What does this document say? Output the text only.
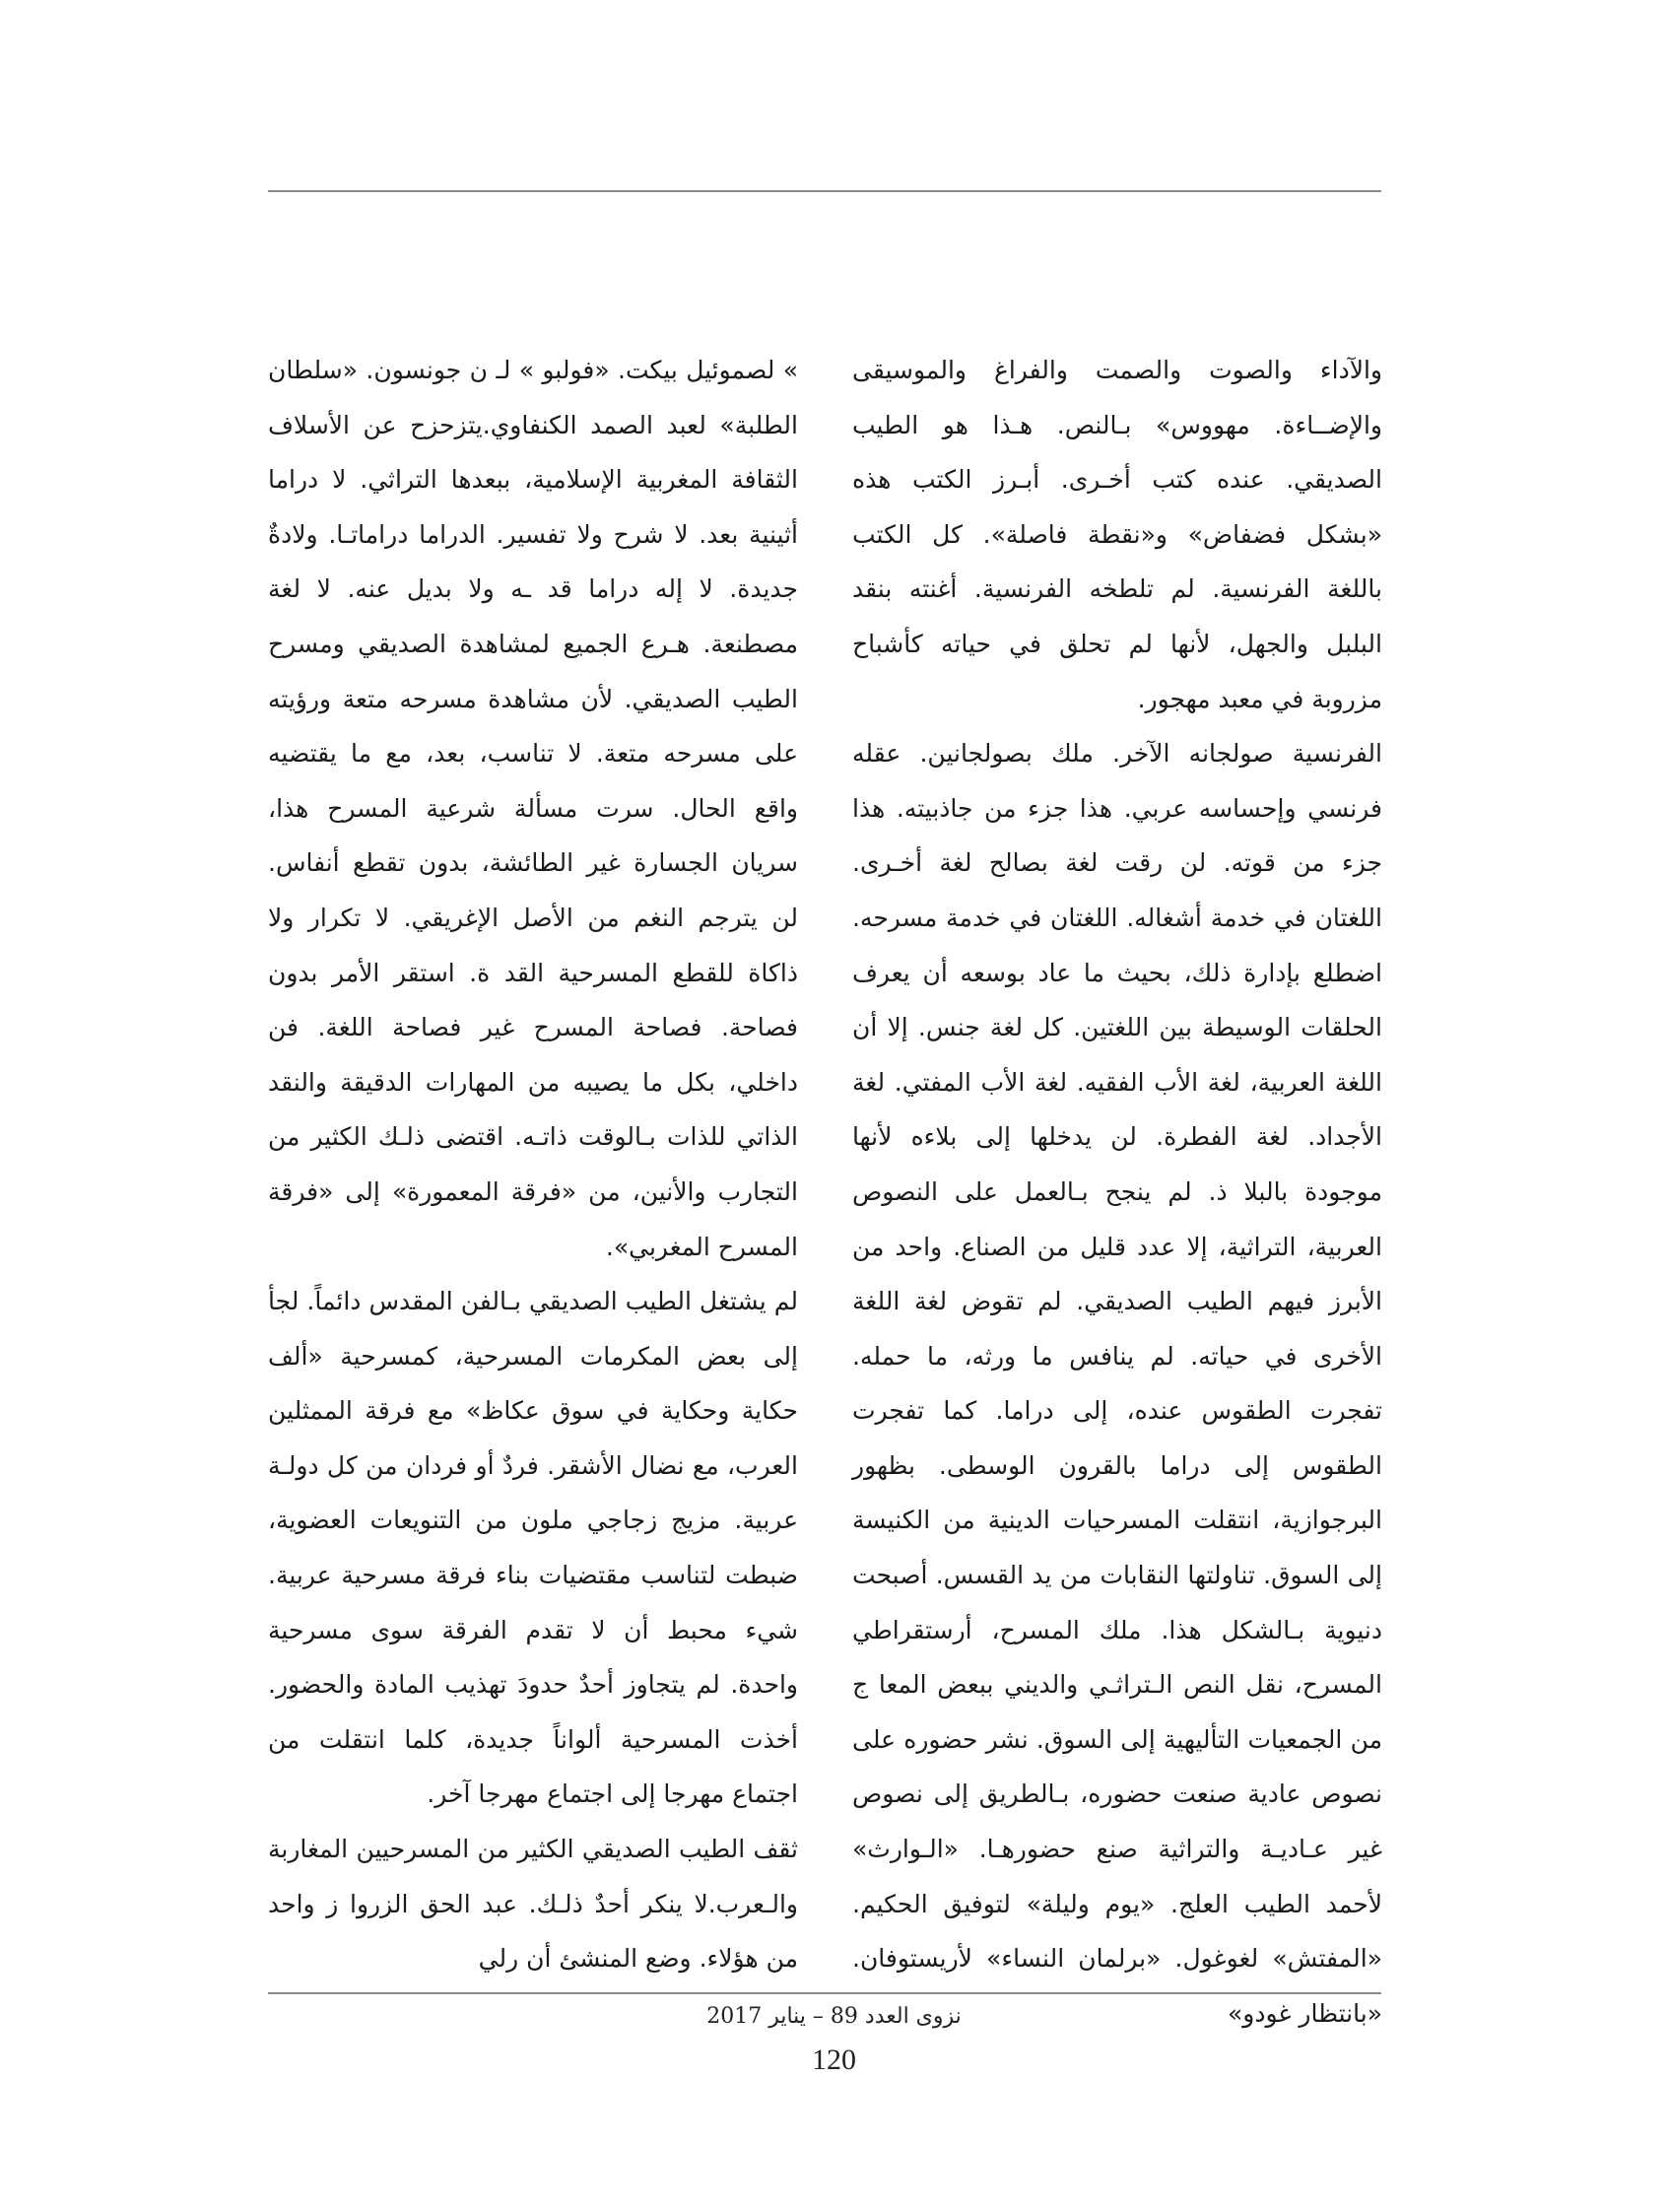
والآداء والصوت والصمت والفراغ والموسيقى والإضــاءة. مهووس» بـالنص. هـذا هو الطيب الصديقي. عنده كتب أخـرى. أبـرز الكتب هذه «بشكل فضفاض» و«نقطة فاصلة». كل الكتب باللغة الفرنسية. لم تلطخه الفرنسية. أغنته بنقد البلبل والجهل، لأنها لم تحلق في حياته كأشباح مزروبة في معبد مهجور.

الفرنسية صولجانه الآخر. ملك بصولجانين. عقله فرنسي وإحساسه عربي. هذا جزء من جاذبيته. هذا جزء من قوته. لن رقت لغة بصالح لغة أخـرى. اللغتان في خدمة أشغاله. اللغتان في خدمة مسرحه. اضطلع بإدارة ذلك، بحيث ما عاد بوسعه أن يعرف الحلقات الوسيطة بين اللغتين. كل لغة جنس. إلا أن اللغة العربية، لغة الأب الفقيه. لغة الأب المفتي. لغة الأجداد. لغة الفطرة. لن يدخلها إلى بلاءه لأنها موجودة بالبلا ذ. لم ينجح بـالعمل على النصوص العربية، التراثية، إلا عدد قليل من الصناع. واحد من الأبرز فيهم الطيب الصديقي. لم تقوض لغة اللغة الأخرى في حياته. لم ينافس ما ورثه، ما حمله. تفجرت الطقوس عنده، إلى دراما. كما تفجرت الطقوس إلى دراما بالقرون الوسطى. بظهور البرجوازية، انتقلت المسرحيات الدينية من الكنيسة إلى السوق. تناولتها النقابات من يد القسس. أصبحت دنيوية بـالشكل هذا. ملك المسرح، أرستقراطي المسرح، نقل النص الـتراثـي والديني ببعض المعا ج من الجمعيات التأليهية إلى السوق. نشر حضوره على نصوص عادية صنعت حضوره، بـالطريق إلى نصوص غير عـاديـة والتراثية صنع حضورهـا. «الـوارث» لأحمد الطيب العلج. «يوم وليلة» لتوفيق الحكيم. «المفتش» لغوغول. «برلمان النساء» لأريستوفان. «بانتظار غودو»

» لصموئيل بيكت. «فولبو » لـ ن جونسون. «سلطان الطلبة» لعبد الصمد الكنفاوي.يتزحزح عن الأسلاف الثقافة المغربية الإسلامية، ببعدها التراثي. لا دراما أثينية بعد. لا شرح ولا تفسير. الدراما دراماتـا. ولادةٌ جديدة. لا إله دراما قد ـه ولا بديل عنه. لا لغة مصطنعة. هـرع الجميع لمشاهدة الصديقي ومسرح الطيب الصديقي. لأن مشاهدة مسرحه متعة ورؤيته على مسرحه متعة. لا تناسب، بعد، مع ما يقتضيه واقع الحال. سرت مسألة شرعية المسرح هذا، سريان الجسارة غير الطائشة، بدون تقطع أنفاس. لن يترجم النغم من الأصل الإغريقي. لا تكرار ولا ذاكاة للقطع المسرحية القد ة. استقر الأمر بدون فصاحة. فصاحة المسرح غير فصاحة اللغة. فن داخلي، بكل ما يصيبه من المهارات الدقيقة والنقد الذاتي للذات بـالوقت ذاتـه. اقتضى ذلـك الكثير من التجارب والأنين، من «فرقة المعمورة» إلى «فرقة المسرح المغربي».

لم يشتغل الطيب الصديقي بـالفن المقدس دائماً. لجأ إلى بعض المكرمات المسرحية، كمسرحية «ألف حكاية وحكاية في سوق عكاظ» مع فرقة الممثلين العرب، مع نضال الأشقر. فردٌ أو فردان من كل دولـة عربية. مزيج زجاجي ملون من التنويعات العضوية، ضبطت لتناسب مقتضيات بناء فرقة مسرحية عربية. شيء محبط أن لا تقدم الفرقة سوى مسرحية واحدة. لم يتجاوز أحدٌ حدودَ تهذيب المادة والحضور. أخذت المسرحية ألواناً جديدة، كلما انتقلت من اجتماع مهرجا إلى اجتماع مهرجا آخر.

ثقف الطيب الصديقي الكثير من المسرحيين المغاربة والـعرب.لا ينكر أحدٌ ذلـك. عبد الحق الزروا ز واحد من هؤلاء. وضع المنشئ أن رلي

نزوى العدد 89 – يناير 2017
120
